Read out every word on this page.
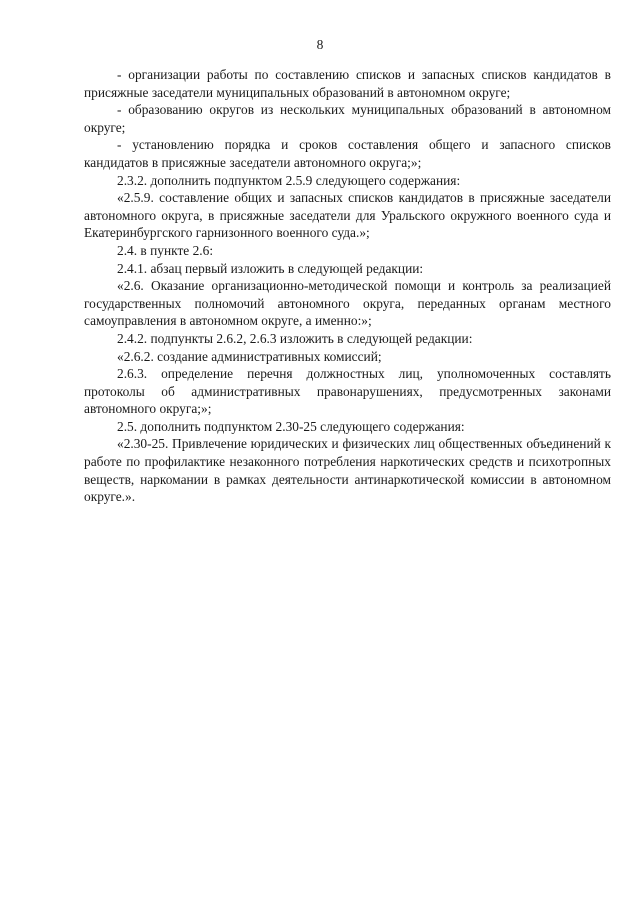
8

- организации работы по составлению списков и запасных списков кандидатов в присяжные заседатели муниципальных образований в автономном округе;

- образованию округов из нескольких муниципальных образований в автономном округе;

- установлению порядка и сроков составления общего и запасного списков кандидатов в присяжные заседатели автономного округа;»;

2.3.2. дополнить подпунктом 2.5.9 следующего содержания:

«2.5.9. составление общих и запасных списков кандидатов в присяжные заседатели автономного округа, в присяжные заседатели для Уральского окружного военного суда и Екатеринбургского гарнизонного военного суда.»;

2.4. в пункте 2.6:

2.4.1. абзац первый изложить в следующей редакции:

«2.6. Оказание организационно-методической помощи и контроль за реализацией государственных полномочий автономного округа, переданных органам местного самоуправления в автономном округе, а именно:»;

2.4.2. подпункты 2.6.2, 2.6.3 изложить в следующей редакции:

«2.6.2. создание административных комиссий;

2.6.3. определение перечня должностных лиц, уполномоченных составлять протоколы об административных правонарушениях, предусмотренных законами автономного округа;»;

2.5. дополнить подпунктом 2.30-25 следующего содержания:

«2.30-25. Привлечение юридических и физических лиц общественных объединений к работе по профилактике незаконного потребления наркотических средств и психотропных веществ, наркомании в рамках деятельности антинаркотической комиссии в автономном округе.».
